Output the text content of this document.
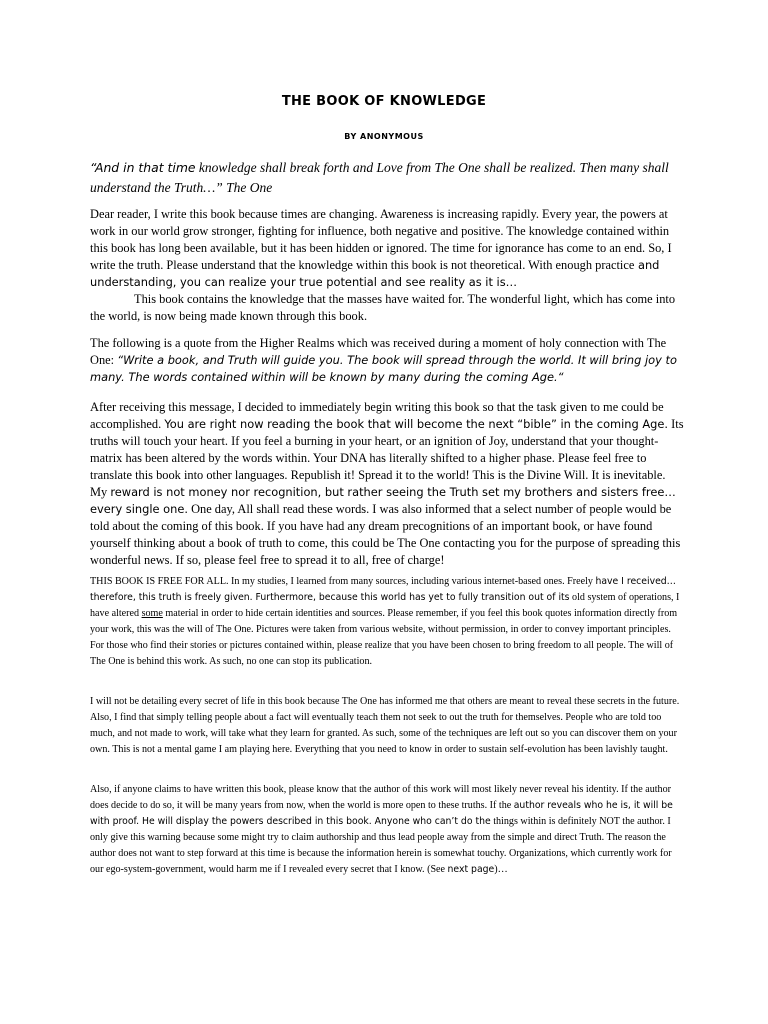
THE BOOK OF KNOWLEDGE
BY ANONYMOUS
“And in that time knowledge shall break forth and Love from The One shall be realized. Then many shall understand the Truth…” The One
Dear reader, I write this book because times are changing. Awareness is increasing rapidly. Every year, the powers at work in our world grow stronger, fighting for influence, both negative and positive. The knowledge contained within this book has long been available, but it has been hidden or ignored. The time for ignorance has come to an end. So, I write the truth. Please understand that the knowledge within this book is not theoretical. With enough practice and understanding, you can realize your true potential and see reality as it is…
This book contains the knowledge that the masses have waited for. The wonderful light, which has come into the world, is now being made known through this book.
The following is a quote from the Higher Realms which was received during a moment of holy connection with The One: “Write a book, and Truth will guide you. The book will spread through the world. It will bring joy to many. The words contained within will be known by many during the coming Age.“
After receiving this message, I decided to immediately begin writing this book so that the task given to me could be accomplished. You are right now reading the book that will become the next “bible” in the coming Age. Its truths will touch your heart. If you feel a burning in your heart, or an ignition of Joy, understand that your thought-matrix has been altered by the words within. Your DNA has literally shifted to a higher phase. Please feel free to translate this book into other languages. Republish it! Spread it to the world! This is the Divine Will. It is inevitable. My reward is not money nor recognition, but rather seeing the Truth set my brothers and sisters free… every single one. One day, All shall read these words. I was also informed that a select number of people would be told about the coming of this book. If you have had any dream precognitions of an important book, or have found yourself thinking about a book of truth to come, this could be The One contacting you for the purpose of spreading this wonderful news. If so, please feel free to spread it to all, free of charge!
THIS BOOK IS FREE FOR ALL. In my studies, I learned from many sources, including various internet-based ones. Freely have I received… therefore, this truth is freely given. Furthermore, because this world has yet to fully transition out of its old system of operations, I have altered some material in order to hide certain identities and sources. Please remember, if you feel this book quotes information directly from your work, this was the will of The One. Pictures were taken from various website, without permission, in order to convey important principles. For those who find their stories or pictures contained within, please realize that you have been chosen to bring freedom to all people. The will of The One is behind this work. As such, no one can stop its publication.
I will not be detailing every secret of life in this book because The One has informed me that others are meant to reveal these secrets in the future. Also, I find that simply telling people about a fact will eventually teach them not seek to out the truth for themselves. People who are told too much, and not made to work, will take what they learn for granted. As such, some of the techniques are left out so you can discover them on your own. This is not a mental game I am playing here. Everything that you need to know in order to sustain self-evolution has been lavishly taught.
Also, if anyone claims to have written this book, please know that the author of this work will most likely never reveal his identity. If the author does decide to do so, it will be many years from now, when the world is more open to these truths. If the author reveals who he is, it will be with proof. He will display the powers described in this book. Anyone who can’t do the things within is definitely NOT the author. I only give this warning because some might try to claim authorship and thus lead people away from the simple and direct Truth. The reason the author does not want to step forward at this time is because the information herein is somewhat touchy. Organizations, which currently work for our ego-system-government, would harm me if I revealed every secret that I know. (See next page)…
